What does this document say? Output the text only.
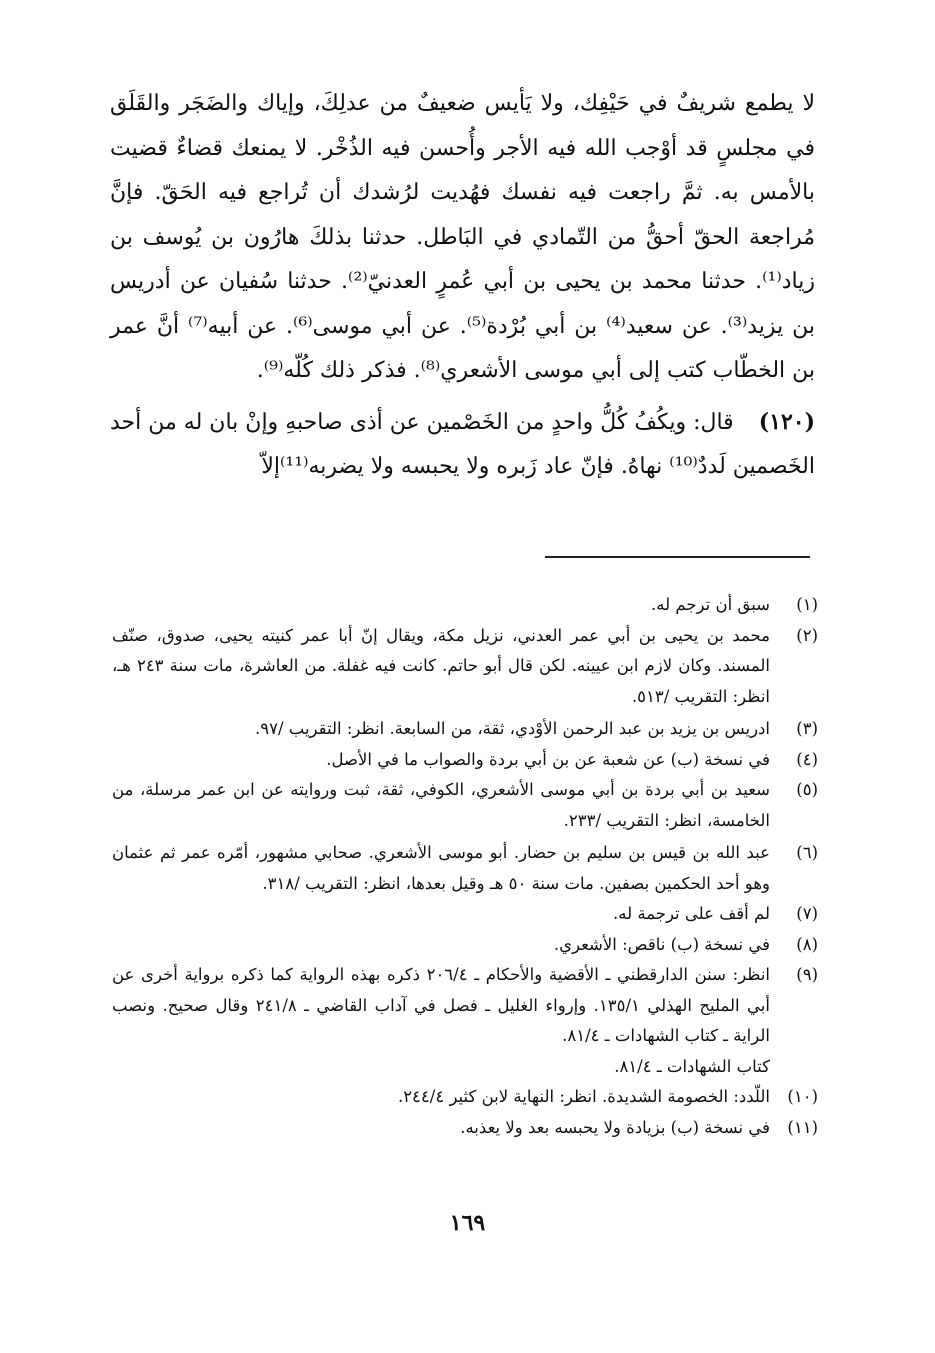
لا يطمع شريفٌ في حَيْفِك، ولا يَأيس ضعيفٌ من عدلِكَ، وإياك والضَجَر والقَلَق في مجلسٍ قد أوْجب الله فيه الأجر وأُحسن فيه الذُخْر. لا يمنعك قضاءٌ قضيت بالأمس به. ثمَّ راجعت فيه نفسك فهُديت لرُشدك أن تُراجع فيه الحَقّ. فإنَّ مُراجعة الحقّ أحقُّ من التّمادي في البَاطل. حدثنا بذلكَ هارُون بن يُوسف بن زياد⁽¹⁾. حدثنا محمد بن يحيى بن أبي عُمرٍ العدنيّ⁽²⁾. حدثنا سُفيان عن أدريس بن يزيد⁽³⁾. عن سعيد⁽⁴⁾ بن أبي بُرْدة⁽⁵⁾. عن أبي موسى⁽⁶⁾. عن أبيه⁽⁷⁾ أنَّ عمر بن الخطّاب كتب إلى أبي موسى الأشعري⁽⁸⁾. فذكر ذلك كُلّه⁽⁹⁾.

(١٢٠) قال: ويكُفُ كُلُّ واحدٍ من الخَصْمين عن أذى صاحبهِ وإنْ بان له من أحد الخَصمين لَددٌ⁽¹⁰⁾ نهاهُ. فإنّ عاد زَبره ولا يحبسه ولا يضربه⁽¹¹⁾إلاّ

(١)
سبق أن ترجم له.
(٢)
محمد بن يحيى بن أبي عمر العدني، نزيل مكة، ويقال إنّ أبا عمر كنيته يحيى، صدوق، صنّف المسند. وكان لازم ابن عيينه. لكن قال أبو حاتم. كانت فيه غفلة. من العاشرة، مات سنة ٢٤٣ هـ، انظر: التقريب /٥١٣.
(٣)
ادريس بن يزيد بن عبد الرحمن الأوْدي، ثقة، من السابعة. انظر: التقريب /٩٧.
(٤)
في نسخة (ب) عن شعبة عن بن أبي بردة والصواب ما في الأصل.
(٥)
سعيد بن أبي بردة بن أبي موسى الأشعري، الكوفي، ثقة، ثبت وروايته عن ابن عمر مرسلة، من الخامسة، انظر: التقريب /٢٣٣.
(٦)
عبد الله بن قيس بن سليم بن حضار. أبو موسى الأشعري. صحابي مشهور، أمّره عمر ثم عثمان وهو أحد الحكمين بصفين. مات سنة ٥٠ هـ وقيل بعدها، انظر: التقريب /٣١٨.
(٧)
لم أقف على ترجمة له.
(٨)
في نسخة (ب) ناقص: الأشعري.
(٩)
انظر: سنن الدارقطني ـ الأقضية والأحكام ـ ٢٠٦/٤ ذكره بهذه الرواية كما ذكره برواية أخرى عن أبي المليح الهذلي ١٣٥/١. وإرواء الغليل ـ فصل في آداب القاضي ـ ٢٤١/٨ وقال صحيح. ونصب الراية ـ كتاب الشهادات ـ ٨١/٤.
كتاب الشهادات ـ ٨١/٤.
(١٠)
اللّدد: الخصومة الشديدة. انظر: النهاية لابن كثير ٢٤٤/٤.
(١١)
في نسخة (ب) بزيادة ولا يحبسه بعد ولا يعذبه.
١٦٩
